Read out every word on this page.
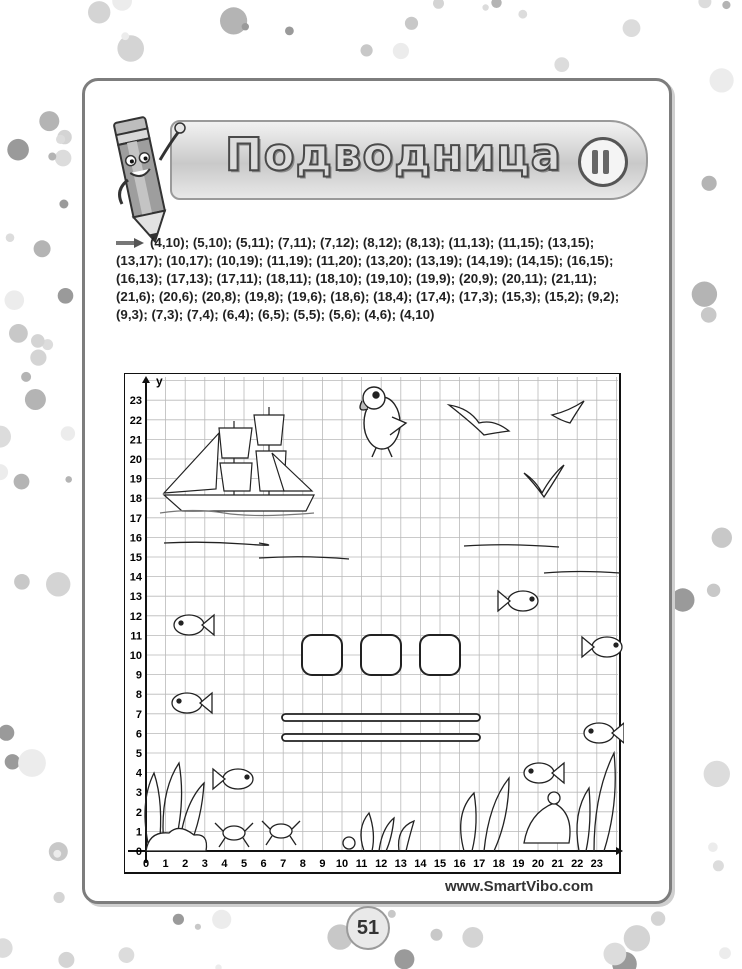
Подводница
(4,10); (5,10); (5,11); (7,11); (7,12); (8,12); (8,13); (11,13); (11,15); (13,15); (13,17); (10,17); (10,19); (11,19); (11,20); (13,20); (13,19); (14,19); (14,15); (16,15); (16,13); (17,13); (17,11); (18,11); (18,10); (19,10); (19,9); (20,9); (20,11); (21,11); (21,6); (20,6); (20,8); (19,8); (19,6); (18,6); (18,4); (17,4); (17,3); (15,3); (15,2); (9,2); (9,3); (7,3); (7,4); (6,4); (6,5); (5,5); (5,6); (4,6); (4,10)
0 1 2 3 4 5 6 7 8 9 10 11 12 13 14 15 16 17 18 19 20 21 22 23
0
1
2
3
4
5
6
7
8
9
10
11
12
13
14
15
16
17
18
19
20
21
22
23
y
www.SmartVibo.com
51
